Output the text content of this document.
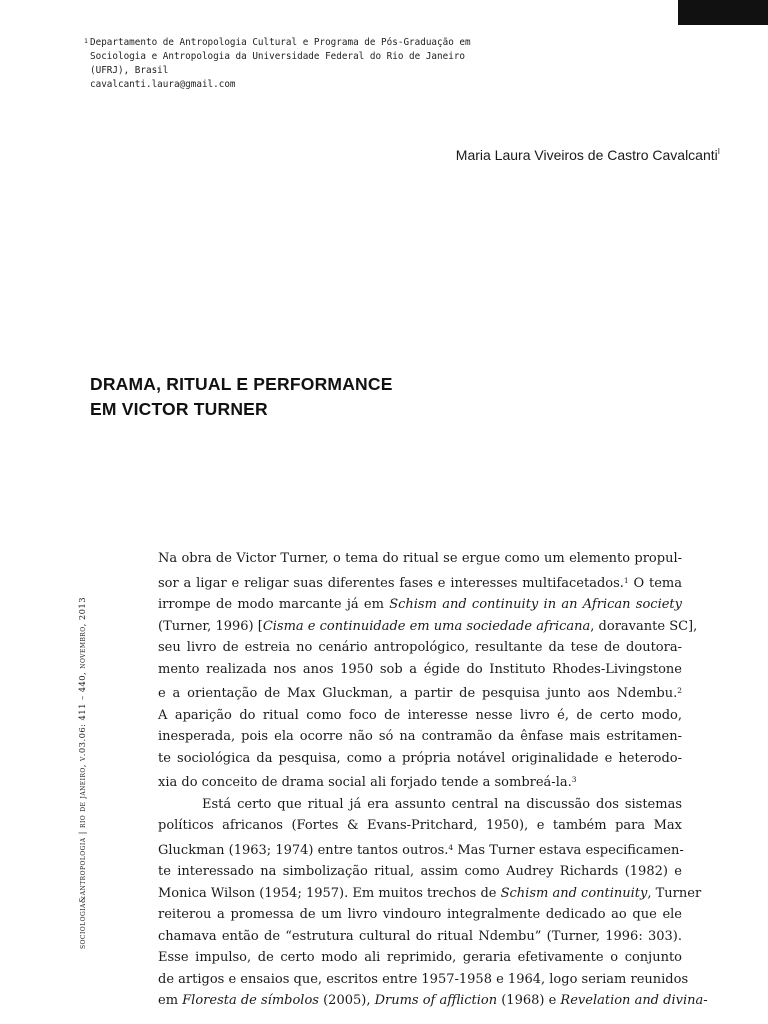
1 Departamento de Antropologia Cultural e Programa de Pós-Graduação em
Sociologia e Antropologia da Universidade Federal do Rio de Janeiro
(UFRJ), Brasil
cavalcanti.laura@gmail.com
Maria Laura Viveiros de Castro Cavalcanti$^I$
DRAMA, RITUAL E PERFORMANCE
EM VICTOR TURNER
sociologia&antropologia | rio de janeiro, v.03.06: 411 – 440, novembro, 2013
Na obra de Victor Turner, o tema do ritual se ergue como um elemento propul-
sor a ligar e religar suas diferentes fases e interesses multifacetados.$^1$ O tema
irrompe de modo marcante já em Schism and continuity in an African society
(Turner, 1996) [Cisma e continuidade em uma sociedade africana, doravante SC],
seu livro de estreia no cenário antropológico, resultante da tese de doutora-
mento realizada nos anos 1950 sob a égide do Instituto Rhodes-Livingstone
e a orientação de Max Gluckman, a partir de pesquisa junto aos Ndembu.$^2$
A aparição do ritual como foco de interesse nesse livro é, de certo modo,
inesperada, pois ela ocorre não só na contramão da ênfase mais estritamen-
te sociológica da pesquisa, como a própria notável originalidade e heterodo-
xia do conceito de drama social ali forjado tende a sombreá-la.$^3$
Está certo que ritual já era assunto central na discussão dos sistemas
políticos africanos (Fortes & Evans-Pritchard, 1950), e também para Max
Gluckman (1963; 1974) entre tantos outros.$^4$ Mas Turner estava especificamen-
te interessado na simbolização ritual, assim como Audrey Richards (1982) e
Monica Wilson (1954; 1957). Em muitos trechos de Schism and continuity, Turner
reiterou a promessa de um livro vindouro integralmente dedicado ao que ele
chamava então de “estrutura cultural do ritual Ndembu” (Turner, 1996: 303).
Esse impulso, de certo modo ali reprimido, geraria efetivamente o conjunto
de artigos e ensaios que, escritos entre 1957-1958 e 1964, logo seriam reunidos
em Floresta de símbolos (2005), Drums of affliction (1968) e Revelation and divina-
